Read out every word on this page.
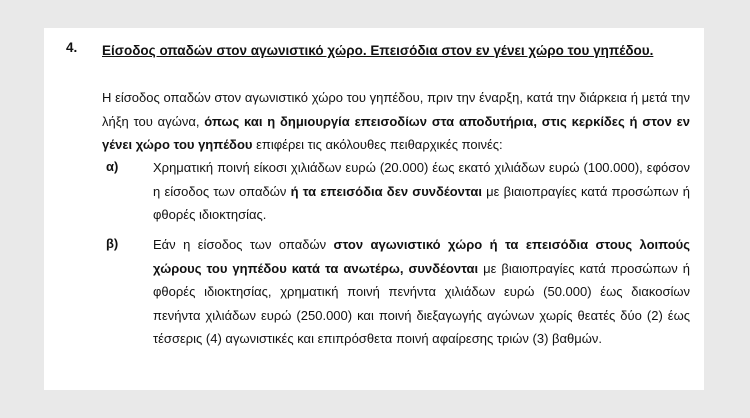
4. Είσοδος οπαδών στον αγωνιστικό χώρο. Επεισόδια στον εν γένει χώρο του γηπέδου.
Η είσοδος οπαδών στον αγωνιστικό χώρο του γηπέδου, πριν την έναρξη, κατά την διάρκεια ή μετά την λήξη του αγώνα, όπως και η δημιουργία επεισοδίων στα αποδυτήρια, στις κερκίδες ή στον εν γένει χώρο του γηπέδου επιφέρει τις ακόλουθες πειθαρχικές ποινές:
α)	Χρηματική ποινή είκοσι χιλιάδων ευρώ (20.000) έως εκατό χιλιάδων ευρώ (100.000), εφόσον η είσοδος των οπαδών ή τα επεισόδια δεν συνδέονται με βιαιοπραγίες κατά προσώπων ή φθορές ιδιοκτησίας.
β)	Εάν η είσοδος των οπαδών στον αγωνιστικό χώρο ή τα επεισόδια στους λοιπούς χώρους του γηπέδου κατά τα ανωτέρω, συνδέονται με βιαιοπραγίες κατά προσώπων ή φθορές ιδιοκτησίας, χρηματική ποινή πενήντα χιλιάδων ευρώ (50.000) έως διακοσίων πενήντα χιλιάδων ευρώ (250.000) και ποινή διεξαγωγής αγώνων χωρίς θεατές δύο (2) έως τέσσερις (4) αγωνιστικές και επιπρόσθετα ποινή αφαίρεσης τριών (3) βαθμών.
